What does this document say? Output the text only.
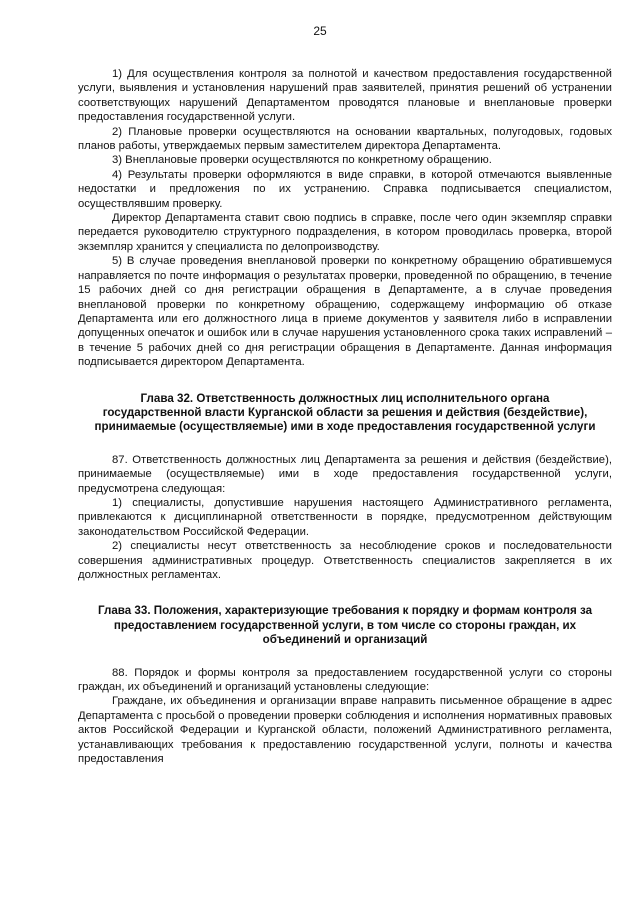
25

1) Для осуществления контроля за полнотой и качеством предоставления государственной услуги, выявления и установления нарушений прав заявителей, принятия решений об устранении соответствующих нарушений Департаментом проводятся плановые и внеплановые проверки предоставления государственной услуги.

2) Плановые проверки осуществляются на основании квартальных, полугодовых, годовых планов работы, утверждаемых первым заместителем директора Департамента.

3) Внеплановые проверки осуществляются по конкретному обращению.

4) Результаты проверки оформляются в виде справки, в которой отмечаются выявленные недостатки и предложения по их устранению. Справка подписывается специалистом, осуществлявшим проверку.

Директор Департамента ставит свою подпись в справке, после чего один экземпляр справки передается руководителю структурного подразделения, в котором проводилась проверка, второй экземпляр хранится у специалиста по делопроизводству.

5) В случае проведения внеплановой проверки по конкретному обращению обратившемуся направляется по почте информация о результатах проверки, проведенной по обращению, в течение 15 рабочих дней со дня регистрации обращения в Департаменте, а в случае проведения внеплановой проверки по конкретному обращению, содержащему информацию об отказе Департамента или его должностного лица в приеме документов у заявителя либо в исправлении допущенных опечаток и ошибок или в случае нарушения установленного срока таких исправлений – в течение 5 рабочих дней со дня регистрации обращения в Департаменте. Данная информация подписывается директором Департамента.

Глава 32. Ответственность должностных лиц исполнительного органа государственной власти Курганской области за решения и действия (бездействие), принимаемые (осуществляемые) ими в ходе предоставления государственной услуги

87. Ответственность должностных лиц Департамента за решения и действия (бездействие), принимаемые (осуществляемые) ими в ходе предоставления государственной услуги, предусмотрена следующая:

1) специалисты, допустившие нарушения настоящего Административного регламента, привлекаются к дисциплинарной ответственности в порядке, предусмотренном действующим законодательством Российской Федерации.

2) специалисты несут ответственность за несоблюдение сроков и последовательности совершения административных процедур. Ответственность специалистов закрепляется в их должностных регламентах.

Глава 33. Положения, характеризующие требования к порядку и формам контроля за предоставлением государственной услуги, в том числе со стороны граждан, их объединений и организаций

88. Порядок и формы контроля за предоставлением государственной услуги со стороны граждан, их объединений и организаций установлены следующие:

Граждане, их объединения и организации вправе направить письменное обращение в адрес Департамента с просьбой о проведении проверки соблюдения и исполнения нормативных правовых актов Российской Федерации и Курганской области, положений Административного регламента, устанавливающих требования к предоставлению государственной услуги, полноты и качества предоставления
